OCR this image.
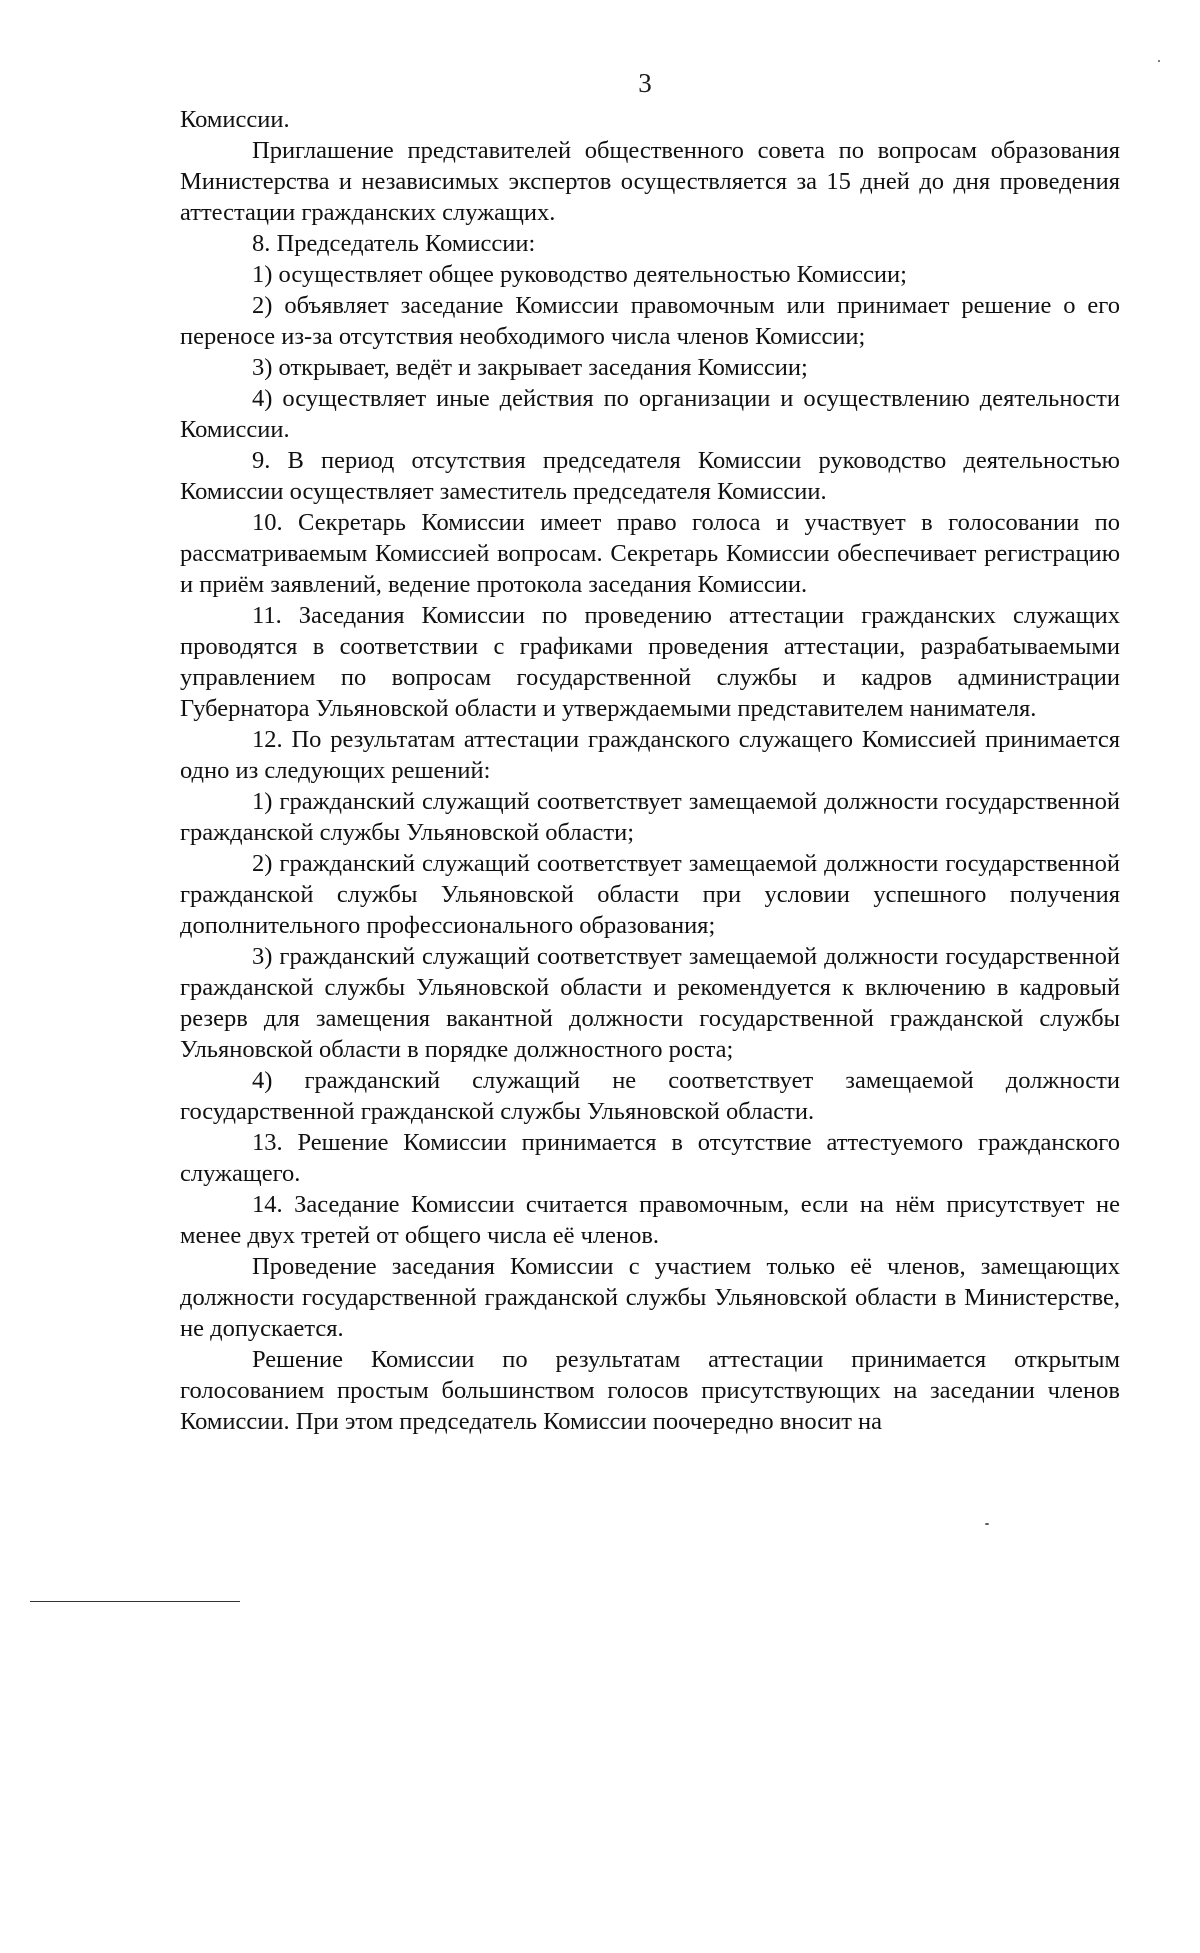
3

Комиссии.

Приглашение представителей общественного совета по вопросам образования Министерства и независимых экспертов осуществляется за 15 дней до дня проведения аттестации гражданских служащих.

8. Председатель Комиссии:

1) осуществляет общее руководство деятельностью Комиссии;

2) объявляет заседание Комиссии правомочным или принимает решение о его переносе из-за отсутствия необходимого числа членов Комиссии;

3) открывает, ведёт и закрывает заседания Комиссии;

4) осуществляет иные действия по организации и осуществлению деятельности Комиссии.

9. В период отсутствия председателя Комиссии руководство деятельностью Комиссии осуществляет заместитель председателя Комиссии.

10. Секретарь Комиссии имеет право голоса и участвует в голосовании по рассматриваемым Комиссией вопросам. Секретарь Комиссии обеспечивает регистрацию и приём заявлений, ведение протокола заседания Комиссии.

11. Заседания Комиссии по проведению аттестации гражданских служащих проводятся в соответствии с графиками проведения аттестации, разрабатываемыми управлением по вопросам государственной службы и кадров администрации Губернатора Ульяновской области и утверждаемыми представителем нанимателя.

12. По результатам аттестации гражданского служащего Комиссией принимается одно из следующих решений:

1) гражданский служащий соответствует замещаемой должности государственной гражданской службы Ульяновской области;

2) гражданский служащий соответствует замещаемой должности государственной гражданской службы Ульяновской области при условии успешного получения дополнительного профессионального образования;

3) гражданский служащий соответствует замещаемой должности государственной гражданской службы Ульяновской области и рекомендуется к включению в кадровый резерв для замещения вакантной должности государственной гражданской службы Ульяновской области в порядке должностного роста;

4) гражданский служащий не соответствует замещаемой должности государственной гражданской службы Ульяновской области.

13. Решение Комиссии принимается в отсутствие аттестуемого гражданского служащего.

14. Заседание Комиссии считается правомочным, если на нём присутствует не менее двух третей от общего числа её членов.

Проведение заседания Комиссии с участием только её членов, замещающих должности государственной гражданской службы Ульяновской области в Министерстве, не допускается.

Решение Комиссии по результатам аттестации принимается открытым голосованием простым большинством голосов присутствующих на заседании членов Комиссии. При этом председатель Комиссии поочередно вносит на
